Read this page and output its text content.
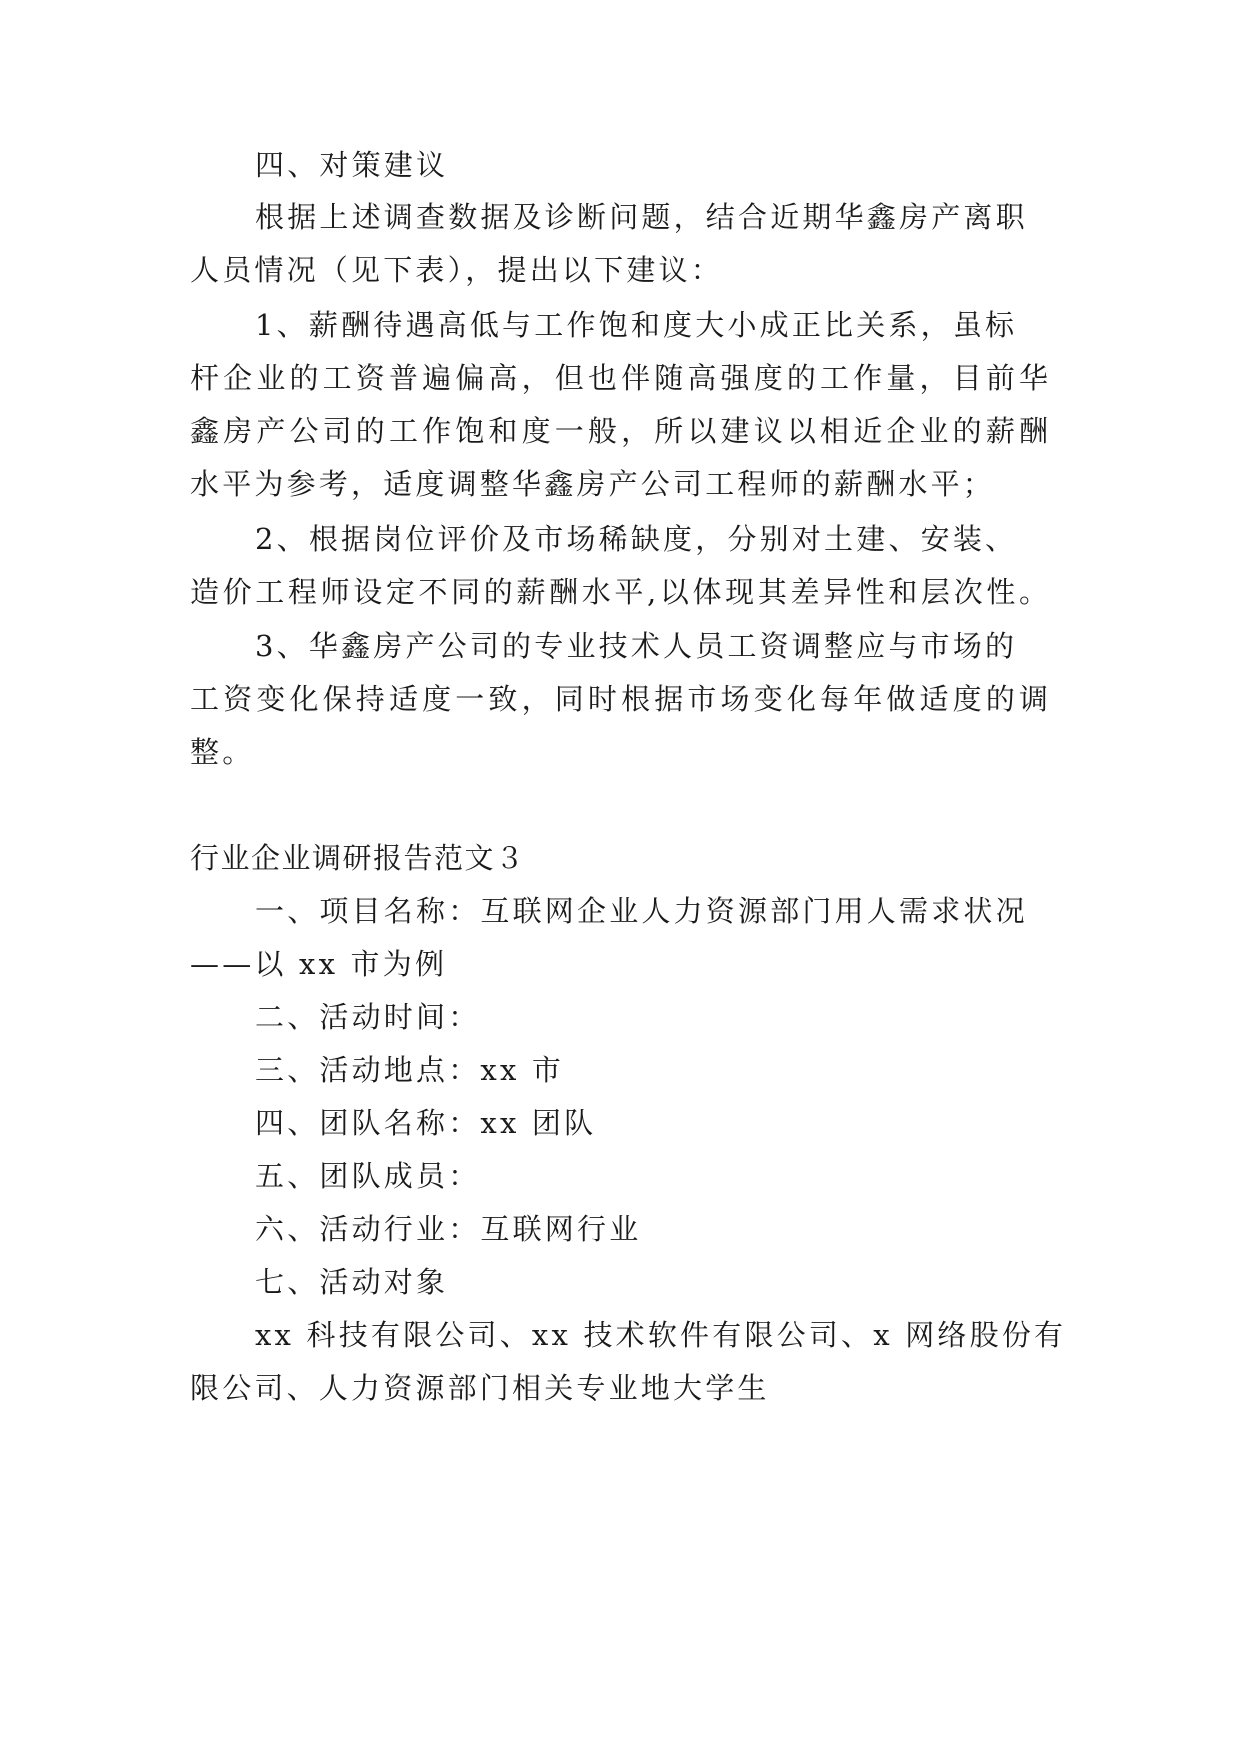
四、对策建议
根据上述调查数据及诊断问题，结合近期华鑫房产离职
人员情况（见下表），提出以下建议：
1、薪酬待遇高低与工作饱和度大小成正比关系，虽标
杆企业的工资普遍偏高，但也伴随高强度的工作量，目前华
鑫房产公司的工作饱和度一般，所以建议以相近企业的薪酬
水平为参考，适度调整华鑫房产公司工程师的薪酬水平；
2、根据岗位评价及市场稀缺度，分别对土建、安装、
造价工程师设定不同的薪酬水平,以体现其差异性和层次性。
3、华鑫房产公司的专业技术人员工资调整应与市场的
工资变化保持适度一致，同时根据市场变化每年做适度的调
整。
行业企业调研报告范文３
一、项目名称：互联网企业人力资源部门用人需求状况
——以 xx 市为例
二、活动时间：
三、活动地点：xx 市
四、团队名称：xx 团队
五、团队成员：
六、活动行业：互联网行业
七、活动对象
xx 科技有限公司、xx 技术软件有限公司、x 网络股份有
限公司、人力资源部门相关专业地大学生
